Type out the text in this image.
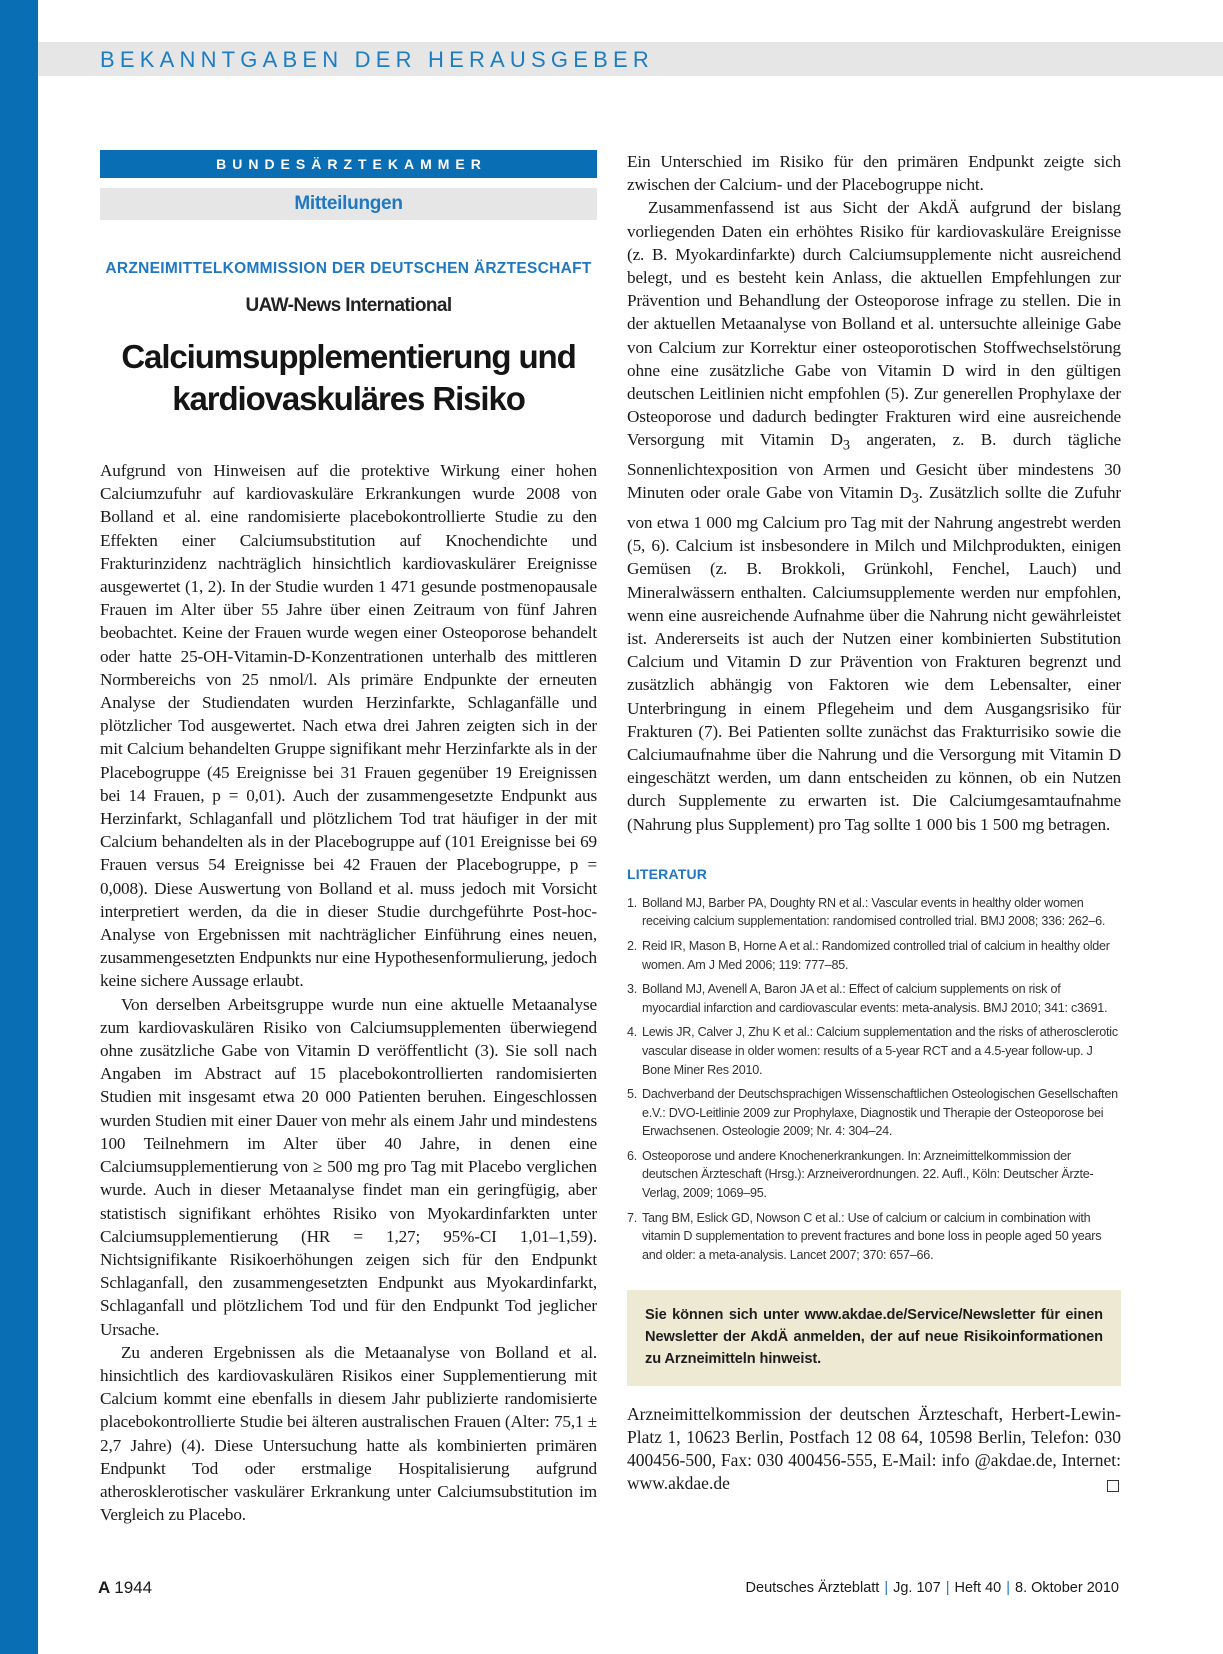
BEKANNTGABEN DER HERAUSGEBER
BUNDESÄRZTEKAMMER
Mitteilungen
ARZNEIMITTELKOMMISSION DER DEUTSCHEN ÄRZTESCHAFT
UAW-News International
Calciumsupplementierung und
kardiovaskuläres Risiko

Aufgrund von Hinweisen auf die protektive Wirkung einer hohen Calciumzufuhr auf kardiovaskuläre Erkrankungen wurde 2008 von Bolland et al. eine randomisierte placebokontrollierte Studie zu den Effekten einer Calciumsubstitution auf Knochendichte und Frakturinzidenz nachträglich hinsichtlich kardiovaskulärer Ereignisse ausgewertet (1, 2). In der Studie wurden 1 471 gesunde postmenopausale Frauen im Alter über 55 Jahre über einen Zeitraum von fünf Jahren beobachtet. Keine der Frauen wurde wegen einer Osteoporose behandelt oder hatte 25-OH-Vitamin-D-Konzentrationen unterhalb des mittleren Normbereichs von 25 nmol/l. Als primäre Endpunkte der erneuten Analyse der Studiendaten wurden Herzinfarkte, Schlaganfälle und plötzlicher Tod ausgewertet. Nach etwa drei Jahren zeigten sich in der mit Calcium behandelten Gruppe signifikant mehr Herzinfarkte als in der Placebogruppe (45 Ereignisse bei 31 Frauen gegenüber 19 Ereignissen bei 14 Frauen, p = 0,01). Auch der zusammengesetzte Endpunkt aus Herzinfarkt, Schlaganfall und plötzlichem Tod trat häufiger in der mit Calcium behandelten als in der Placebogruppe auf (101 Ereignisse bei 69 Frauen versus 54 Ereignisse bei 42 Frauen der Placebogruppe, p = 0,008). Diese Auswertung von Bolland et al. muss jedoch mit Vorsicht interpretiert werden, da die in dieser Studie durchgeführte Post-hoc-Analyse von Ergebnissen mit nachträglicher Einführung eines neuen, zusammengesetzten Endpunkts nur eine Hypothesenformulierung, jedoch keine sichere Aussage erlaubt.

Von derselben Arbeitsgruppe wurde nun eine aktuelle Metaanalyse zum kardiovaskulären Risiko von Calciumsupplementen überwiegend ohne zusätzliche Gabe von Vitamin D veröffentlicht (3). Sie soll nach Angaben im Abstract auf 15 placebokontrollierten randomisierten Studien mit insgesamt etwa 20 000 Patienten beruhen. Eingeschlossen wurden Studien mit einer Dauer von mehr als einem Jahr und mindestens 100 Teilnehmern im Alter über 40 Jahre, in denen eine Calciumsupplementierung von ≥ 500 mg pro Tag mit Placebo verglichen wurde. Auch in dieser Metaanalyse findet man ein geringfügig, aber statistisch signifikant erhöhtes Risiko von Myokardinfarkten unter Calciumsupplementierung (HR = 1,27; 95%-CI 1,01–1,59). Nichtsignifikante Risikoerhöhungen zeigen sich für den Endpunkt Schlaganfall, den zusammengesetzten Endpunkt aus Myokardinfarkt, Schlaganfall und plötzlichem Tod und für den Endpunkt Tod jeglicher Ursache.

Zu anderen Ergebnissen als die Metaanalyse von Bolland et al. hinsichtlich des kardiovaskulären Risikos einer Supplementierung mit Calcium kommt eine ebenfalls in diesem Jahr publizierte randomisierte placebokontrollierte Studie bei älteren australischen Frauen (Alter: 75,1 ± 2,7 Jahre) (4). Diese Untersuchung hatte als kombinierten primären Endpunkt Tod oder erstmalige Hospitalisierung aufgrund atherosklerotischer vaskulärer Erkrankung unter Calciumsubstitution im Vergleich zu Placebo.

Ein Unterschied im Risiko für den primären Endpunkt zeigte sich zwischen der Calcium- und der Placebogruppe nicht.

Zusammenfassend ist aus Sicht der AkdÄ aufgrund der bislang vorliegenden Daten ein erhöhtes Risiko für kardiovaskuläre Ereignisse (z. B. Myokardinfarkte) durch Calciumsupplemente nicht ausreichend belegt, und es besteht kein Anlass, die aktuellen Empfehlungen zur Prävention und Behandlung der Osteoporose infrage zu stellen. Die in der aktuellen Metaanalyse von Bolland et al. untersuchte alleinige Gabe von Calcium zur Korrektur einer osteoporotischen Stoffwechselstörung ohne eine zusätzliche Gabe von Vitamin D wird in den gültigen deutschen Leitlinien nicht empfohlen (5). Zur generellen Prophylaxe der Osteoporose und dadurch bedingter Frakturen wird eine ausreichende Versorgung mit Vitamin $D_3$ angeraten, z. B. durch tägliche Sonnenlichtexposition von Armen und Gesicht über mindestens 30 Minuten oder orale Gabe von Vitamin $D_3$. Zusätzlich sollte die Zufuhr von etwa 1 000 mg Calcium pro Tag mit der Nahrung angestrebt werden (5, 6). Calcium ist insbesondere in Milch und Milchprodukten, einigen Gemüsen (z. B. Brokkoli, Grünkohl, Fenchel, Lauch) und Mineralwässern enthalten. Calciumsupplemente werden nur empfohlen, wenn eine ausreichende Aufnahme über die Nahrung nicht gewährleistet ist. Andererseits ist auch der Nutzen einer kombinierten Substitution Calcium und Vitamin D zur Prävention von Frakturen begrenzt und zusätzlich abhängig von Faktoren wie dem Lebensalter, einer Unterbringung in einem Pflegeheim und dem Ausgangsrisiko für Frakturen (7). Bei Patienten sollte zunächst das Frakturrisiko sowie die Calciumaufnahme über die Nahrung und die Versorgung mit Vitamin D eingeschätzt werden, um dann entscheiden zu können, ob ein Nutzen durch Supplemente zu erwarten ist. Die Calciumgesamtaufnahme (Nahrung plus Supplement) pro Tag sollte 1 000 bis 1 500 mg betragen.

LITERATUR
1. Bolland MJ, Barber PA, Doughty RN et al.: Vascular events in healthy older women receiving calcium supplementation: randomised controlled trial. BMJ 2008; 336: 262–6.
2. Reid IR, Mason B, Horne A et al.: Randomized controlled trial of calcium in healthy older women. Am J Med 2006; 119: 777–85.
3. Bolland MJ, Avenell A, Baron JA et al.: Effect of calcium supplements on risk of myocardial infarction and cardiovascular events: meta-analysis. BMJ 2010; 341: c3691.
4. Lewis JR, Calver J, Zhu K et al.: Calcium supplementation and the risks of atherosclerotic vascular disease in older women: results of a 5-year RCT and a 4.5-year follow-up. J Bone Miner Res 2010.
5. Dachverband der Deutschsprachigen Wissenschaftlichen Osteologischen Gesellschaften e.V.: DVO-Leitlinie 2009 zur Prophylaxe, Diagnostik und Therapie der Osteoporose bei Erwachsenen. Osteologie 2009; Nr. 4: 304–24.
6. Osteoporose und andere Knochenerkrankungen. In: Arzneimittelkommission der deutschen Ärzteschaft (Hrsg.): Arzneiverordnungen. 22. Aufl., Köln: Deutscher Ärzte-Verlag, 2009; 1069–95.
7. Tang BM, Eslick GD, Nowson C et al.: Use of calcium or calcium in combination with vitamin D supplementation to prevent fractures and bone loss in people aged 50 years and older: a meta-analysis. Lancet 2007; 370: 657–66.
Sie können sich unter www.akdae.de/Service/Newsletter für einen Newsletter der AkdÄ anmelden, der auf neue Risikoinformationen zu Arzneimitteln hinweist.
Arzneimittelkommission der deutschen Ärzteschaft, Herbert-Lewin-Platz 1, 10623 Berlin, Postfach 12 08 64, 10598 Berlin, Telefon: 030 400456-500, Fax: 030 400456-555, E-Mail: info @akdae.de, Internet: www.akdae.de
A 1944	Deutsches Ärzteblatt | Jg. 107 | Heft 40 | 8. Oktober 2010
